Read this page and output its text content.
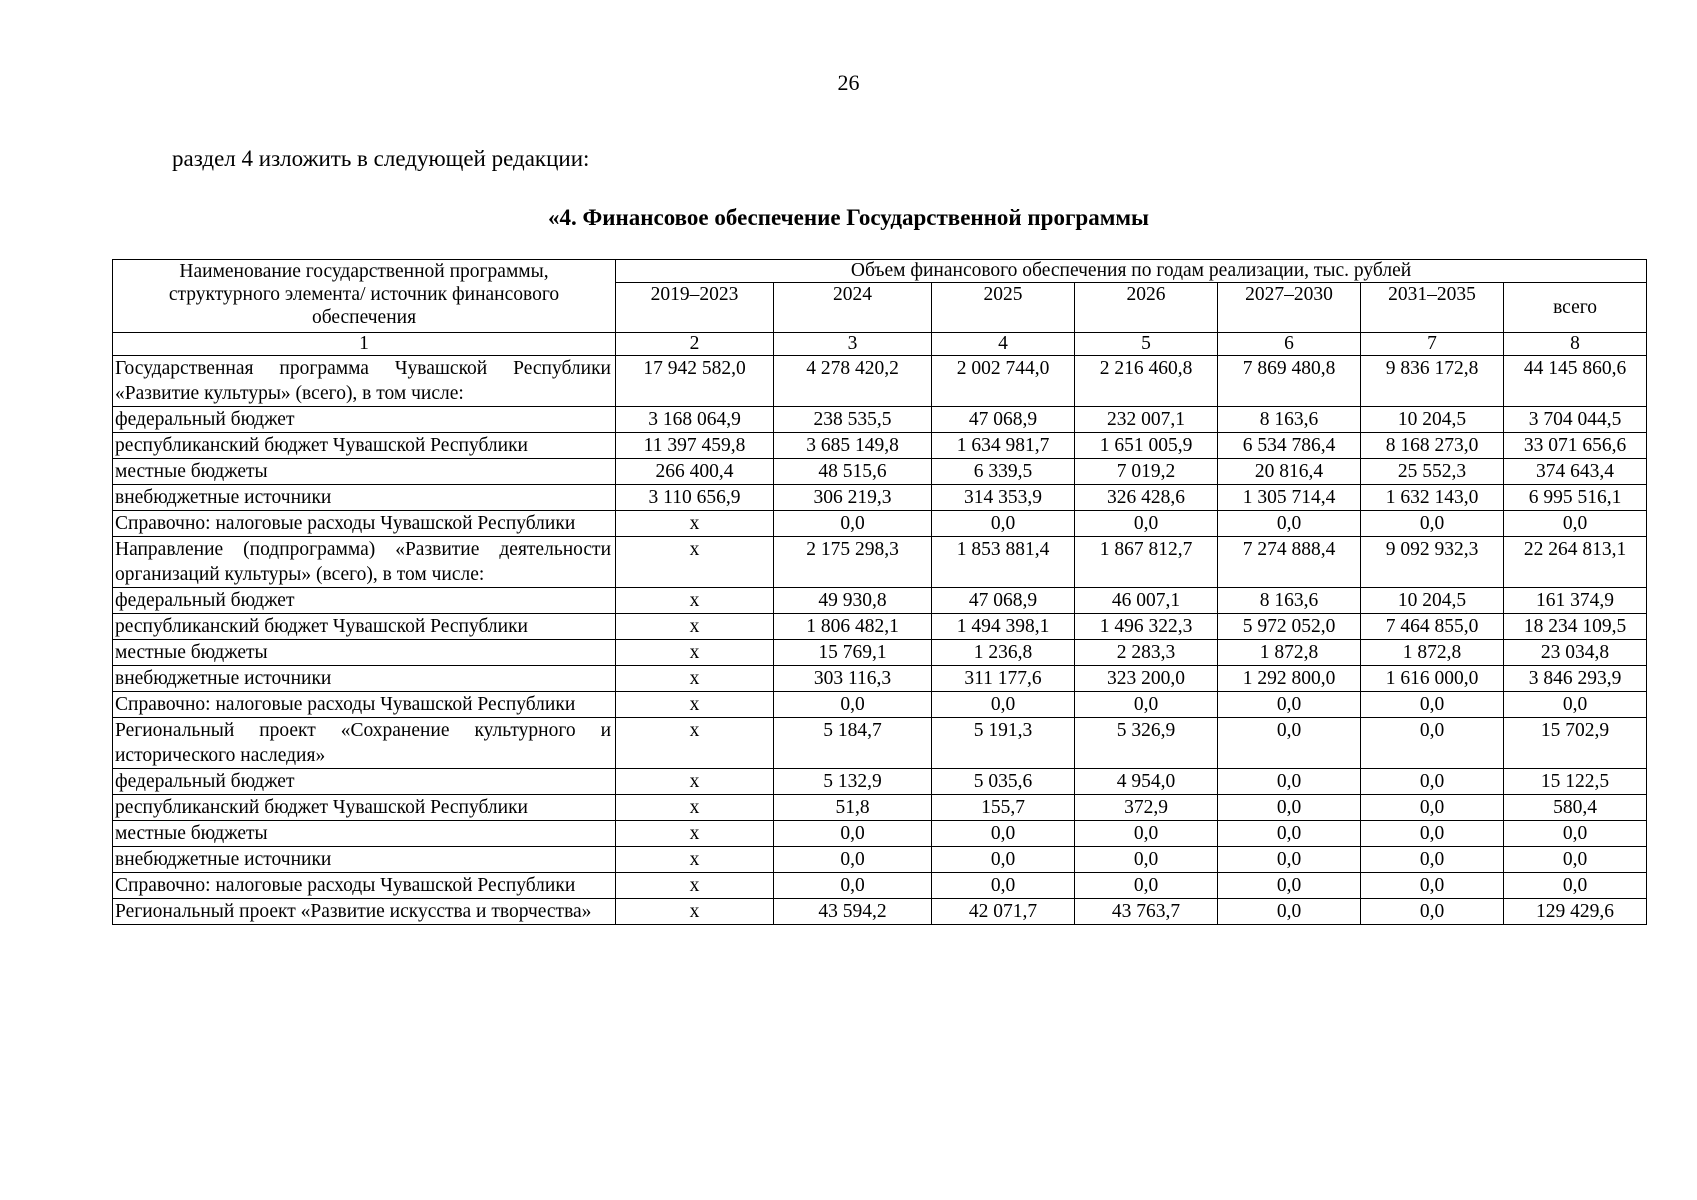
26
раздел 4 изложить в следующей редакции:
«4. Финансовое обеспечение Государственной программы
Наименование государственной программы, структурного элемента/ источник финансового обеспечения	Объем финансового обеспечения по годам реализации, тыс. рублей						
	2019–2023	2024	2025	2026	2027–2030	2031–2035	всего
1	2	3	4	5	6	7	8
Государственная программа Чувашской Республики «Развитие культуры» (всего), в том числе:	17 942 582,0	4 278 420,2	2 002 744,0	2 216 460,8	7 869 480,8	9 836 172,8	44 145 860,6
федеральный бюджет	3 168 064,9	238 535,5	47 068,9	232 007,1	8 163,6	10 204,5	3 704 044,5
республиканский бюджет Чувашской Республики	11 397 459,8	3 685 149,8	1 634 981,7	1 651 005,9	6 534 786,4	8 168 273,0	33 071 656,6
местные бюджеты	266 400,4	48 515,6	6 339,5	7 019,2	20 816,4	25 552,3	374 643,4
внебюджетные источники	3 110 656,9	306 219,3	314 353,9	326 428,6	1 305 714,4	1 632 143,0	6 995 516,1
Справочно: налоговые расходы Чувашской Республики	х	0,0	0,0	0,0	0,0	0,0	0,0
Направление (подпрограмма) «Развитие деятельности организаций культуры» (всего), в том числе:	х	2 175 298,3	1 853 881,4	1 867 812,7	7 274 888,4	9 092 932,3	22 264 813,1
федеральный бюджет	х	49 930,8	47 068,9	46 007,1	8 163,6	10 204,5	161 374,9
республиканский бюджет Чувашской Республики	х	1 806 482,1	1 494 398,1	1 496 322,3	5 972 052,0	7 464 855,0	18 234 109,5
местные бюджеты	х	15 769,1	1 236,8	2 283,3	1 872,8	1 872,8	23 034,8
внебюджетные источники	х	303 116,3	311 177,6	323 200,0	1 292 800,0	1 616 000,0	3 846 293,9
Справочно: налоговые расходы Чувашской Республики	х	0,0	0,0	0,0	0,0	0,0	0,0
Региональный проект «Сохранение культурного и исторического наследия»	х	5 184,7	5 191,3	5 326,9	0,0	0,0	15 702,9
федеральный бюджет	х	5 132,9	5 035,6	4 954,0	0,0	0,0	15 122,5
республиканский бюджет Чувашской Республики	х	51,8	155,7	372,9	0,0	0,0	580,4
местные бюджеты	х	0,0	0,0	0,0	0,0	0,0	0,0
внебюджетные источники	х	0,0	0,0	0,0	0,0	0,0	0,0
Справочно: налоговые расходы Чувашской Республики	х	0,0	0,0	0,0	0,0	0,0	0,0
Региональный проект «Развитие искусства и творчества»	х	43 594,2	42 071,7	43 763,7	0,0	0,0	129 429,6
